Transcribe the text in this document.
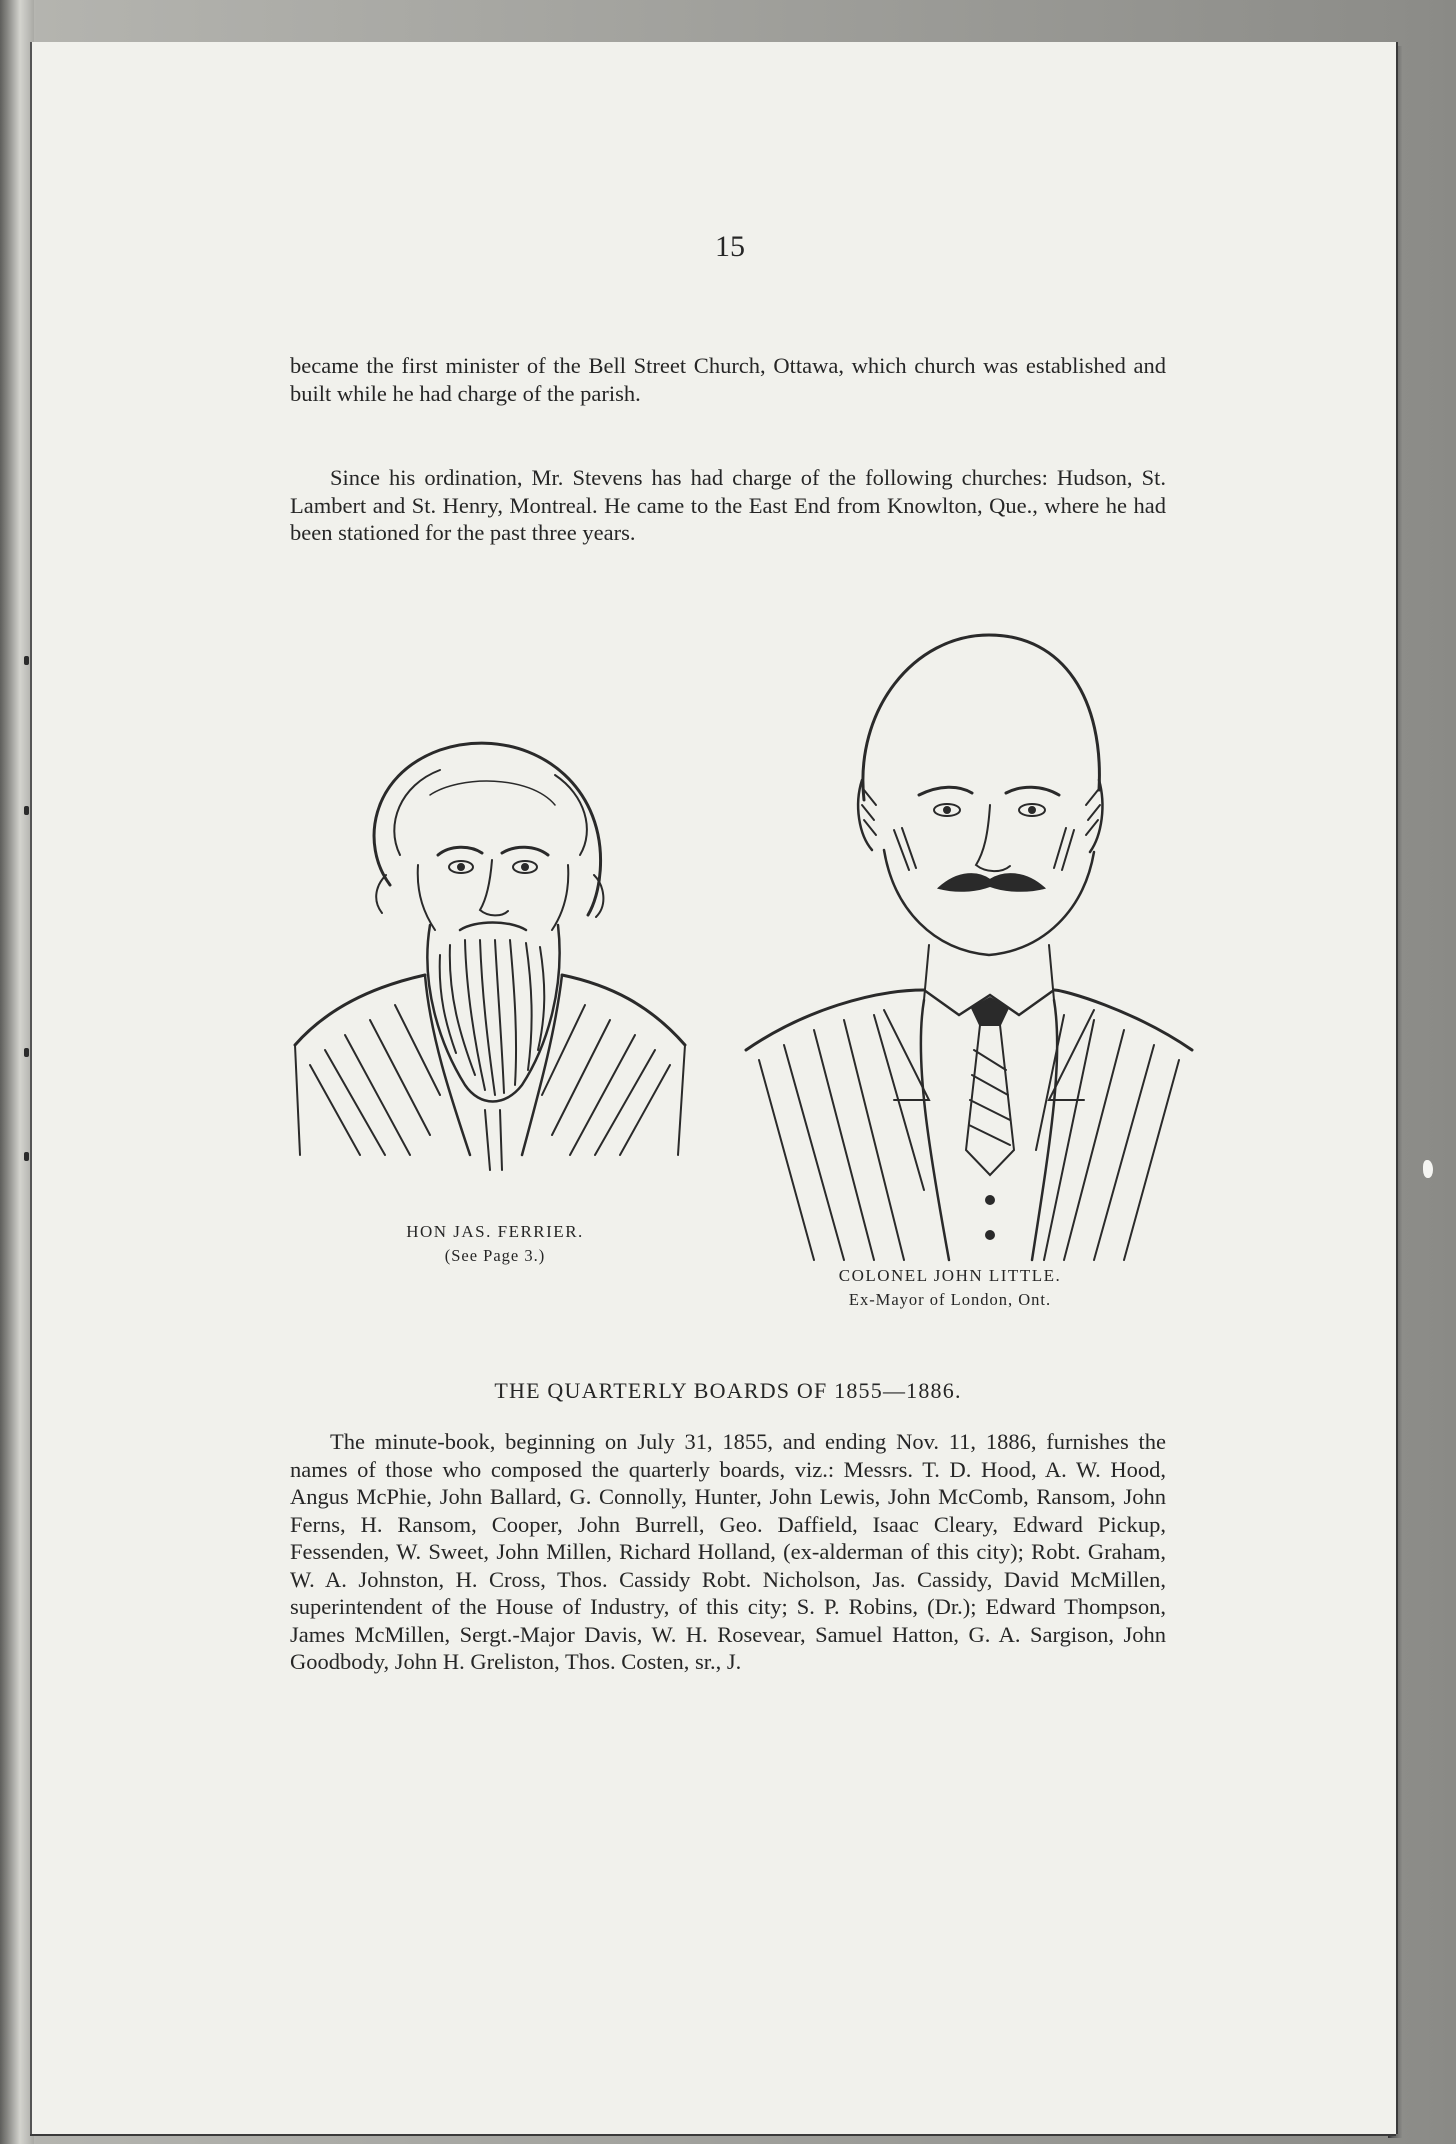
15

became the first minister of the Bell Street Church, Ottawa, which church was established and built while he had charge of the parish.

Since his ordination, Mr. Stevens has had charge of the following churches: Hudson, St. Lambert and St. Henry, Montreal. He came to the East End from Knowlton, Que., where he had been stationed for the past three years.

HON JAS. FERRIER.
(See Page 3.)

COLONEL JOHN LITTLE.
Ex-Mayor of London, Ont.

THE QUARTERLY BOARDS OF 1855—1886.

The minute-book, beginning on July 31, 1855, and ending Nov. 11, 1886, furnishes the names of those who composed the quarterly boards, viz.: Messrs. T. D. Hood, A. W. Hood, Angus McPhie, John Ballard, G. Connolly, Hunter, John Lewis, John McComb, Ransom, John Ferns, H. Ransom, Cooper, John Burrell, Geo. Daffield, Isaac Cleary, Edward Pickup, Fessenden, W. Sweet, John Millen, Richard Holland, (ex-alderman of this city); Robt. Graham, W. A. Johnston, H. Cross, Thos. Cassidy Robt. Nicholson, Jas. Cassidy, David McMillen, superintendent of the House of Industry, of this city; S. P. Robins, (Dr.); Edward Thompson, James McMillen, Sergt.-Major Davis, W. H. Rosevear, Samuel Hatton, G. A. Sargison, John Goodbody, John H. Greliston, Thos. Costen, sr., J.
